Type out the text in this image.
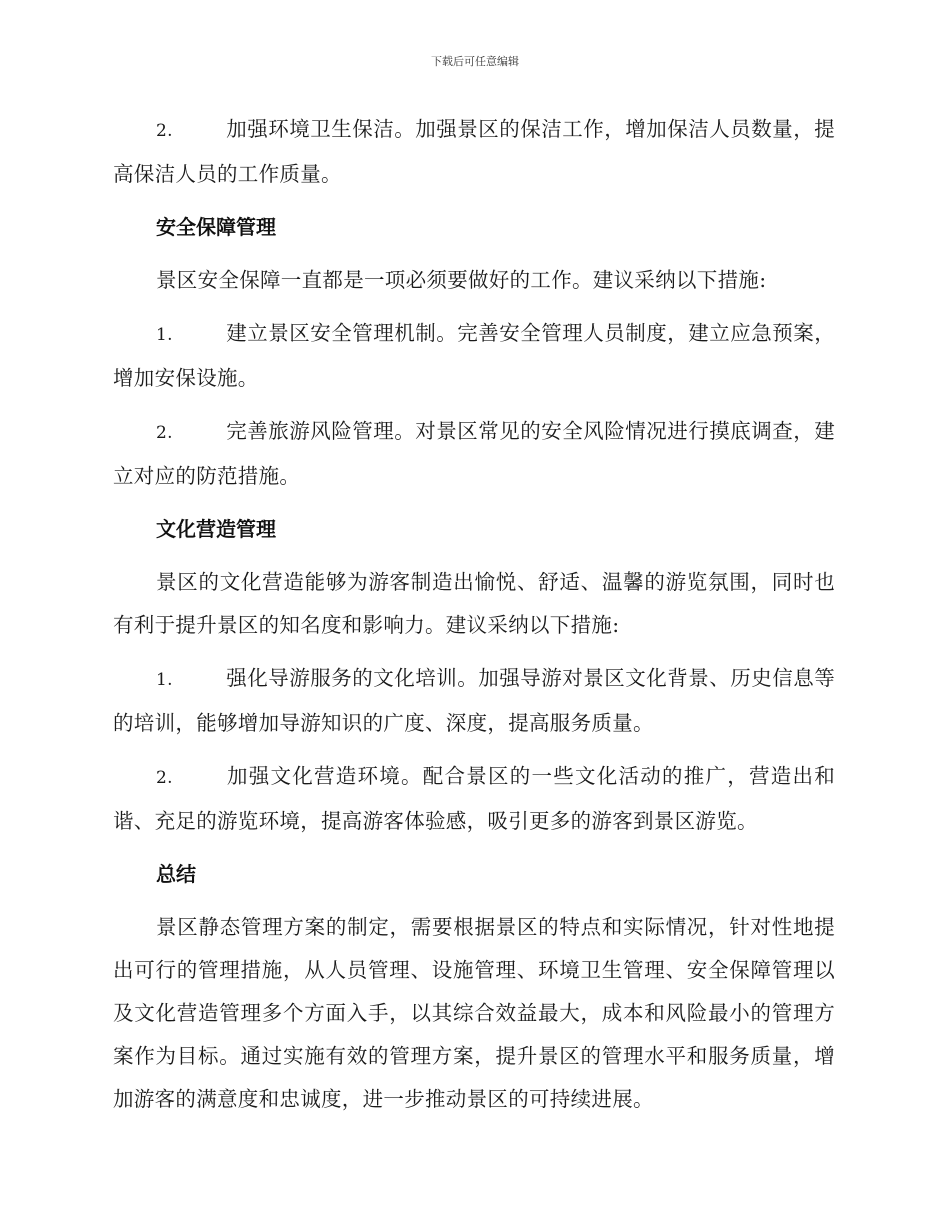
下载后可任意编辑

2.	加强环境卫生保洁。加强景区的保洁工作，增加保洁人员数量，提高保洁人员的工作质量。

安全保障管理

景区安全保障一直都是一项必须要做好的工作。建议采纳以下措施:

1.	建立景区安全管理机制。完善安全管理人员制度，建立应急预案，增加安保设施。

2.	完善旅游风险管理。对景区常见的安全风险情况进行摸底调查，建立对应的防范措施。

文化营造管理

景区的文化营造能够为游客制造出愉悦、舒适、温馨的游览氛围，同时也有利于提升景区的知名度和影响力。建议采纳以下措施:

1.	强化导游服务的文化培训。加强导游对景区文化背景、历史信息等的培训，能够增加导游知识的广度、深度，提高服务质量。

2.	加强文化营造环境。配合景区的一些文化活动的推广，营造出和谐、充足的游览环境，提高游客体验感，吸引更多的游客到景区游览。

总结

景区静态管理方案的制定，需要根据景区的特点和实际情况，针对性地提出可行的管理措施，从人员管理、设施管理、环境卫生管理、安全保障管理以及文化营造管理多个方面入手，以其综合效益最大，成本和风险最小的管理方案作为目标。通过实施有效的管理方案，提升景区的管理水平和服务质量，增加游客的满意度和忠诚度，进一步推动景区的可持续进展。
